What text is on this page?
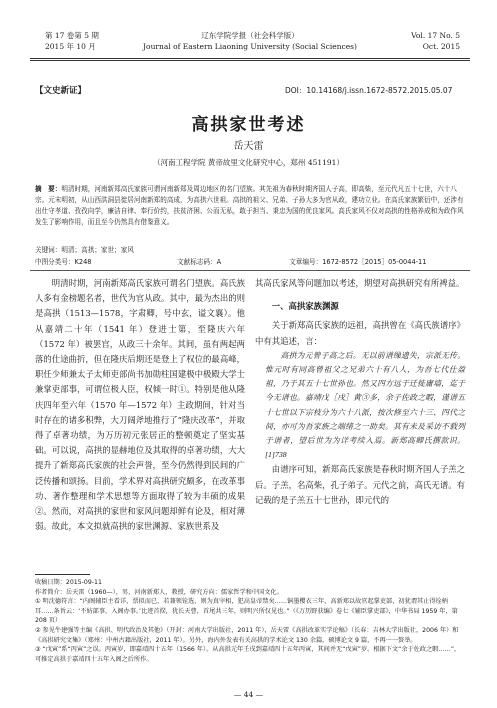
第 17 卷第 5 期
2015 年 10 月
辽东学院学报（社会科学版）
Journal of Eastern Liaoning University (Social Sciences)
Vol. 17 No. 5
Oct. 2015
【文史新证】	DOI：10.14168/j.issn.1672-8572.2015.05.07
高拱家世考述
岳天雷
（河南工程学院 黄帝故里文化研究中心，郑州 451191）
摘　要：明清时期，河南新郑高氏家族可谓河南新郑及周边地区的名门望族。其先祖为春秋时期齐国人子高，即高柴，至元代凡五十七世，六十八宗。元末明初，从山西洪洞县徙居河南新郑的高成，为高拱六世祖。高拱的祖父、兄弟、子孙大多为官从政，建功立业。在高氏家族繁衍中，还涉有出仕守孝道、孜孜向学，廉洁自律、奉行价约，扶贫济困、公而无私，敢于担当、秉忠为国的优良家风。高氏家风不仅对高拱的性格养成和为政作风发生了影响作用，而且至今仍然具有借鉴意义。
关键词：明清；高拱；家世；家风
中图分类号：K248	文献标志码：A	文章编号：1672-8572［2015］05-0044-11

明清时期，河南新郑高氏家族可谓名门望族。高氏族人多有金榜题名者，世代为官从政。其中，最为杰出的则是高拱（1513—1578，字肃卿，号中玄，谥文襄）。他从嘉靖二十年（1541 年）登进士第，至隆庆六年（1572 年）被罢官，从政三十余年。其间，虽有两起两落的仕途曲折，但在隆庆后期还是登上了权位的最高峰，职任少师兼太子太师吏部尚书加勋柱国建极中极殿大学士兼掌吏部事，可谓位极人臣，权倾一时①。特别是他从隆庆四年至六年（1570 年—1572 年）主政期间，针对当时存在的诸多积弊，大刀阔斧地推行了“隆庆改革”，并取得了卓著功绩，为万历初元张居正的整顿奠定了坚实基础。可以说，高拱的显赫地位及其取得的卓著功绩，大大提升了新郑高氏家族的社会声誉，至今仍然得到民间的广泛传播和颂扬。目前，学术界对高拱研究颇多，在改革事功、著作整理和学术思想等方面取得了较为丰硕的成果②。然而，对高拱的家世和家风问题却鲜有论及，相对薄弱。故此，本文拟就高拱的家世渊源、家族世系及

其高氏家风等问题加以考述，期望对高拱研究有所裨益。

一、高拱家族渊源

关于新郑高氏家族的远祖，高拱曾在《高氏族谱序》中有其追述，言：

高拱为元曾子高之后。无以前谱缫遗失，宗派无传。惟元时有同高曾祖父之兄弟六十有八人，为吾七代仕盈祖，乃于其五十七世孙也。然又四方远于迁徙庸墙，迄于今无谱也。嘉靖戊［戌］黄③多，余子佐政之暇，谨谱五十七世以下宗枝分为六十八派，按次修至六十三、四代之间，亦可为吾家族之端绪之一助矣。其有未及采访不载列于谱者，望后世为为详考续入焉。新郑高卿氏撰款识。[1]738

由谱序可知，新郑高氏家族是春秋时期齐国人子羔之后。子羔，名高柴，孔子弟子。元代之前，高氏无谱。有记载的是子羔五十七世孙，即元代的

收稿日期：2015-09-11
作者简介：岳天雷（1960—），男，河南新郑人，教授，研究方向：儒家哲学和中国文化。
① 明沈德符言：“内阁辅臣主看详，票拟而已，若兼领铨选，则为真宰相，犯高皇帝禁矣……铜墨樱衣三年，高新郑以故官起掌吏部，初犹谓其止得铨柄耳……条旨云：‘不妨部事，入阁办事。’比迹首揆，犹长天曹，首尾共三年，则明兴所仅见也。”（《万历野获编》卷七《辅臣掌吏部》，中华书局 1959 年，第 208 页）
② 参见牛建强等主编《高拱、明代政治及其他》（开封：河南大学出版社，2011 年），岳天雷《高拱改革实学论稿》（长春：吉林大学出版社，2006 年）和《高拱研究文集》（郑州：中州古籍出版社，2011 年）。另外，海内外发表有关高拱的学术论文 130 余篇，硕博论文 9 篇，不再一一赘举。
③ “戊寅”系“丙寅”之误。丙寅岁，即嘉靖四十五年（1566 年）。从高拱元年壬戌到嘉靖四十五年丙寅，其间并无“戊寅”岁。根据下文“余于佐政之暇……”，可推定高拱于嘉靖四十五年入阁之后所作。
— 44 —
